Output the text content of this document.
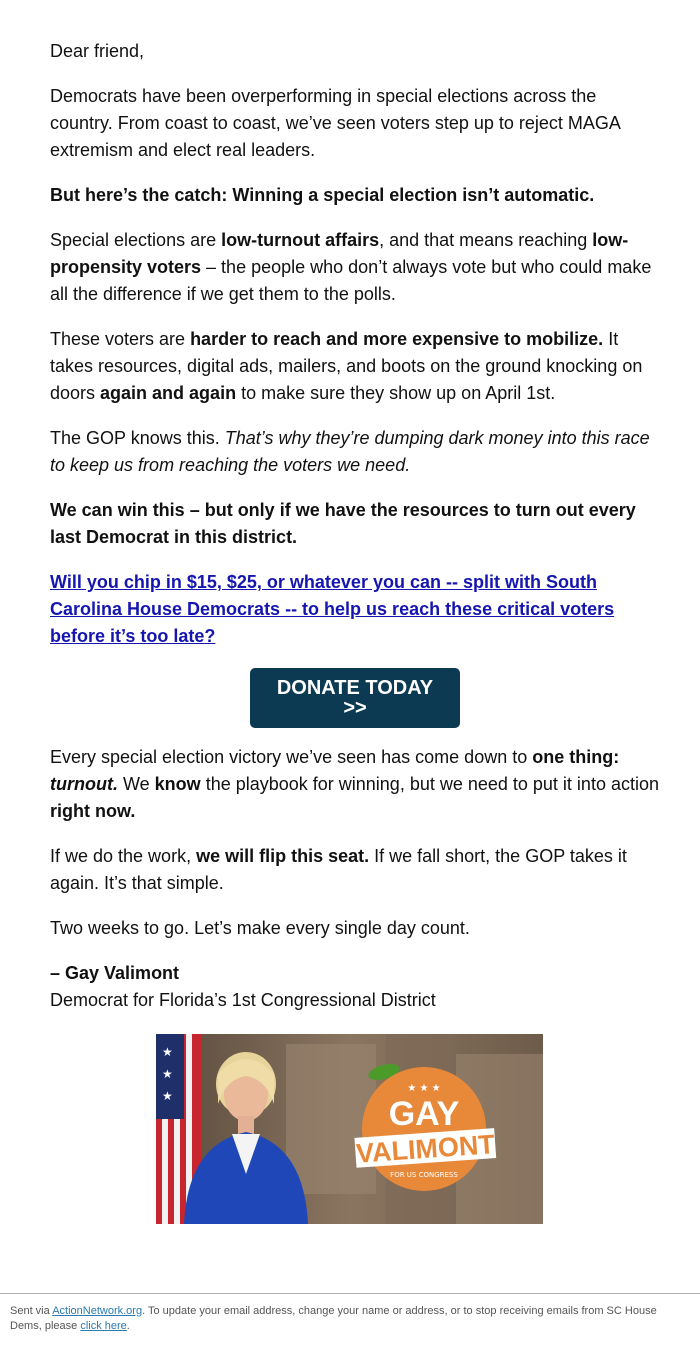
Dear friend,

Democrats have been overperforming in special elections across the country. From coast to coast, we’ve seen voters step up to reject MAGA extremism and elect real leaders.

But here’s the catch: Winning a special election isn’t automatic.

Special elections are low-turnout affairs, and that means reaching low-propensity voters – the people who don’t always vote but who could make all the difference if we get them to the polls.

These voters are harder to reach and more expensive to mobilize. It takes resources, digital ads, mailers, and boots on the ground knocking on doors again and again to make sure they show up on April 1st.

The GOP knows this. That’s why they’re dumping dark money into this race to keep us from reaching the voters we need.

We can win this – but only if we have the resources to turn out every last Democrat in this district.

Will you chip in $15, $25, or whatever you can -- split with South Carolina House Democrats -- to help us reach these critical voters before it’s too late?

DONATE TODAY
>>

Every special election victory we’ve seen has come down to one thing: turnout. We know the playbook for winning, but we need to put it into action right now.

If we do the work, we will flip this seat. If we fall short, the GOP takes it again. It’s that simple.

Two weeks to go. Let’s make every single day count.

– Gay Valimont
Democrat for Florida’s 1st Congressional District

★
★
★
★ ★ ★
GAY
VALIMONT
FOR US CONGRESS
Sent via ActionNetwork.org. To update your email address, change your name or address, or to stop receiving emails from SC House Dems, please click here.
